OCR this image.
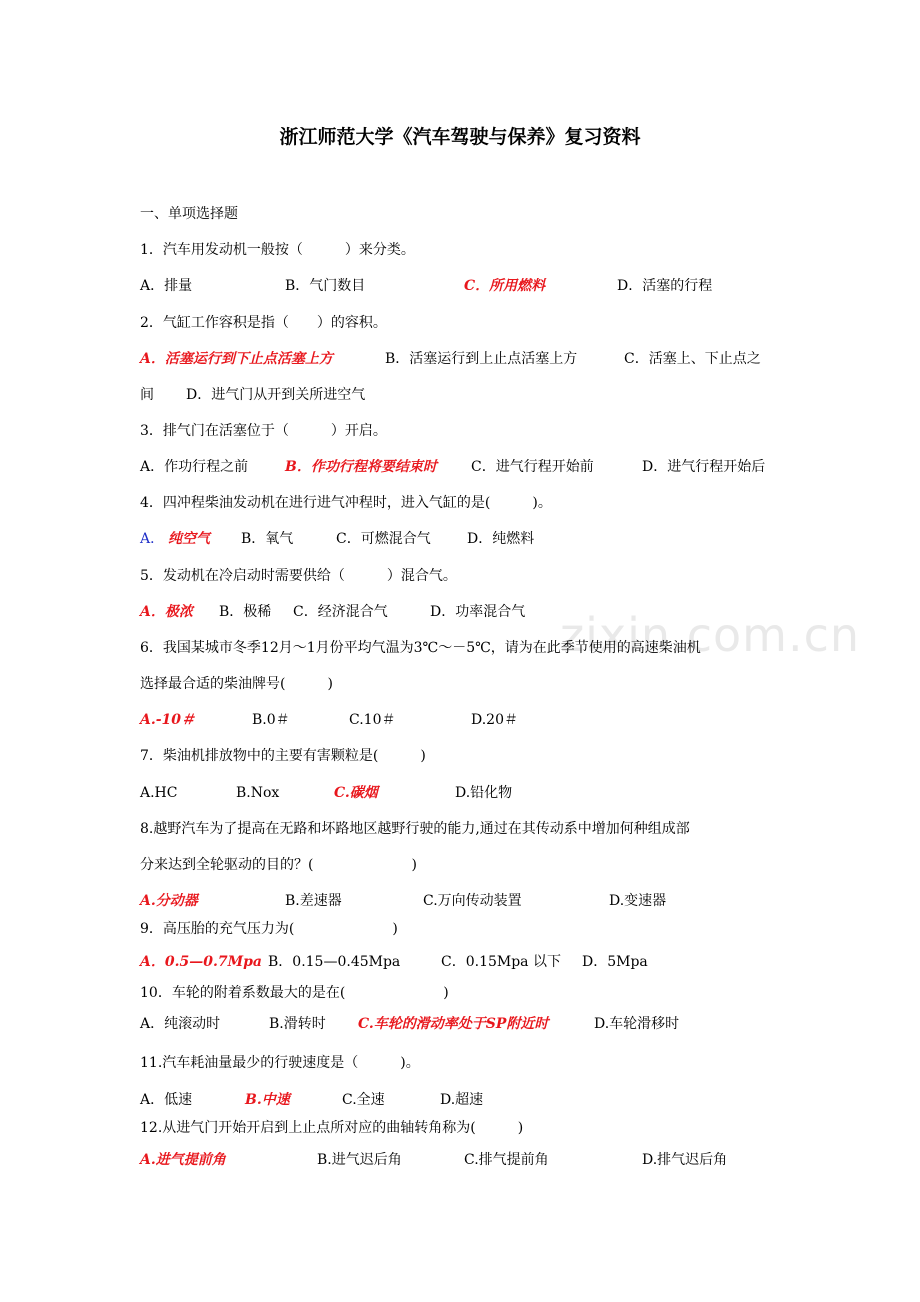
zixin.com.cn
浙江师范大学《汽车驾驶与保养》复习资料
一、单项选择题
1．汽车用发动机一般按（　　　）来分类。
A．排量	B．气门数目	C．所用燃料	D．活塞的行程
2．气缸工作容积是指（　　）的容积。
A．活塞运行到下止点活塞上方	B．活塞运行到上止点活塞上方	C．活塞上、下止点之
间 D．进气门从开到关所进空气
3．排气门在活塞位于（　　　）开启。
A．作功行程之前	B．作功行程将要结束时 C．进气行程开始前	D．进气行程开始后
4．四冲程柴油发动机在进行进气冲程时，进入气缸的是(　　　)。
A． 纯空气 B．氧气	C．可燃混合气	D．纯燃料
5．发动机在冷启动时需要供给（　　　）混合气。
A．极浓 B．极稀 C．经济混合气	D．功率混合气
6．我国某城市冬季12月～1月份平均气温为3℃～－5℃，请为在此季节使用的高速柴油机
选择最合适的柴油牌号(　　　)
A.-10＃	B.0＃	C.10＃	D.20＃
7．柴油机排放物中的主要有害颗粒是(　　　)
A.HC	B.Nox	C.碳烟	D.铅化物
8.越野汽车为了提高在无路和坏路地区越野行驶的能力,通过在其传动系中增加何种组成部
分来达到全轮驱动的目的？(　　　　　　　)
A.分动器	B.差速器	C.万向传动装置	D.变速器
9．高压胎的充气压力为(　　　　　　　)
A．0.5—0.7Mpa B．0.15—0.45Mpa	C．0.15Mpa 以下 D．5Mpa
10．车轮的附着系数最大的是在(　　　　　　　)
A．纯滚动时	B.滑转时 C.车轮的滑动率处于SP附近时	D.车轮滑移时
11.汽车耗油量最少的行驶速度是（　　　)。
A．低速	B.中速	C.全速	D.超速
12.从进气门开始开启到上止点所对应的曲轴转角称为(　　　)
A.进气提前角	B.进气迟后角	C.排气提前角	D.排气迟后角
